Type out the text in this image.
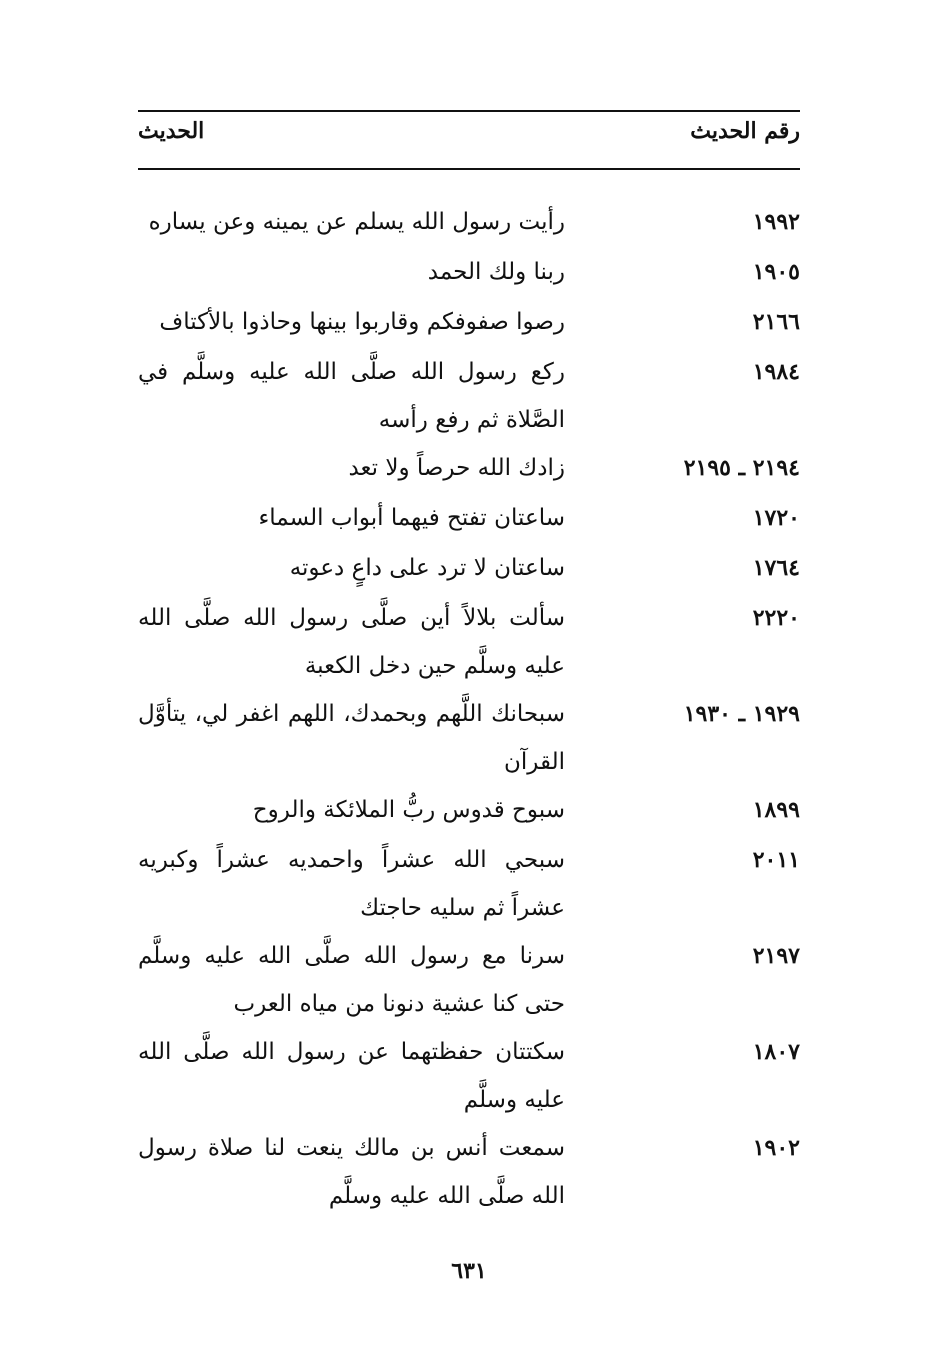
رقم الحديث
الحديث
١٩٩٢
رأيت رسول الله يسلم عن يمينه وعن يساره
١٩٠٥
ربنا ولك الحمد
٢١٦٦
رصوا صفوفكم وقاربوا بينها وحاذوا بالأكتاف
١٩٨٤
ركع رسول الله صلَّى الله عليه وسلَّم في الصَّلاة ثم رفع رأسه
٢١٩٤ ـ ٢١٩٥
زادك الله حرصاً ولا تعد
١٧٢٠
ساعتان تفتح فيهما أبواب السماء
١٧٦٤
ساعتان لا ترد على داعٍ دعوته
٢٢٢٠
سألت بلالاً أين صلَّى رسول الله صلَّى الله عليه وسلَّم حين دخل الكعبة
١٩٢٩ ـ ١٩٣٠
سبحانك اللَّهم وبحمدك، اللهم اغفر لي، يتأوَّل القرآن
١٨٩٩
سبوح قدوس ربُّ الملائكة والروح
٢٠١١
سبحي الله عشراً واحمديه عشراً وكبريه عشراً ثم سليه حاجتك
٢١٩٧
سرنا مع رسول الله صلَّى الله عليه وسلَّم حتى كنا عشية دنونا من مياه العرب
١٨٠٧
سكتتان حفظتهما عن رسول الله صلَّى الله عليه وسلَّم
١٩٠٢
سمعت أنس بن مالك ينعت لنا صلاة رسول الله صلَّى الله عليه وسلَّم
٦٣١
